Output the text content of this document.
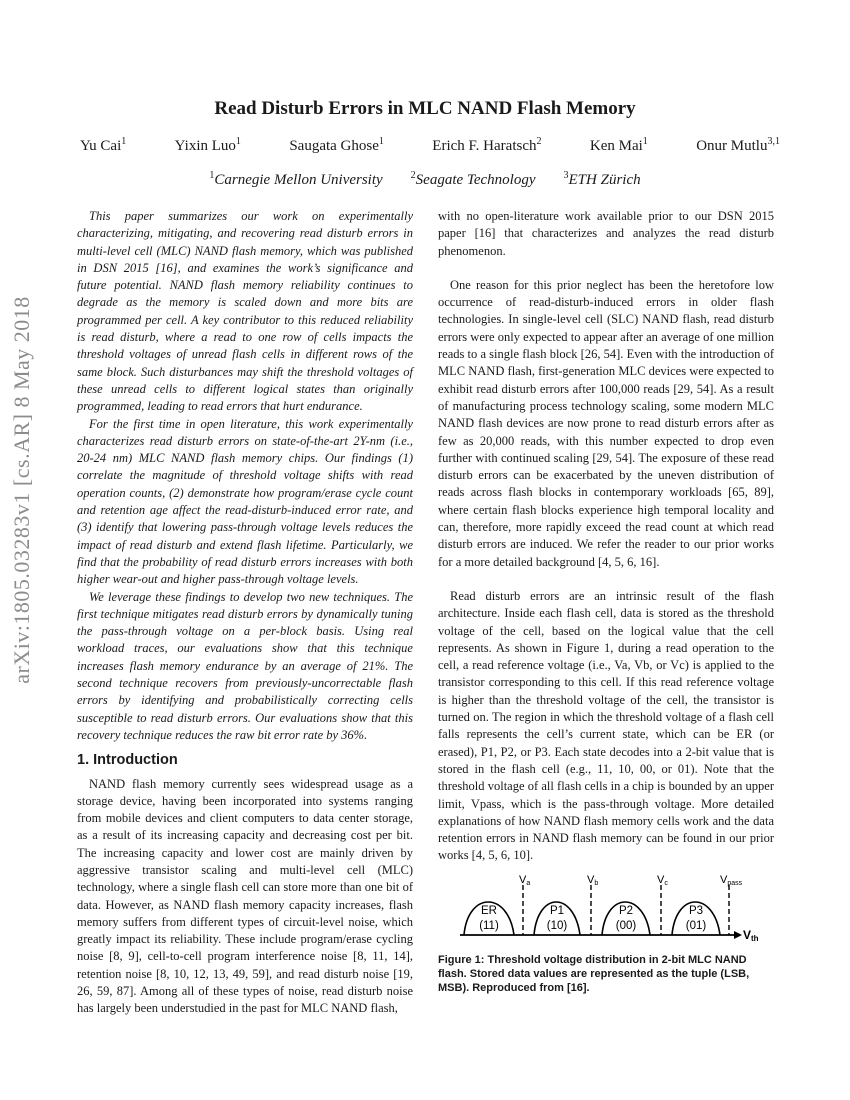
arXiv:1805.03283v1 [cs.AR] 8 May 2018
Read Disturb Errors in MLC NAND Flash Memory
Yu Cai$^1$	Yixin Luo$^1$	Saugata Ghose$^1$	Erich F. Haratsch$^2$	Ken Mai$^1$	Onur Mutlu$^{3,1}$
$^1$Carnegie Mellon University	$^2$Seagate Technology	$^3$ETH Zürich

This paper summarizes our work on experimentally characterizing, mitigating, and recovering read disturb errors in multi-level cell (MLC) NAND flash memory, which was published in DSN 2015 [16], and examines the work’s significance and future potential. NAND flash memory reliability continues to degrade as the memory is scaled down and more bits are programmed per cell. A key contributor to this reduced reliability is read disturb, where a read to one row of cells impacts the threshold voltages of unread flash cells in different rows of the same block. Such disturbances may shift the threshold voltages of these unread cells to different logical states than originally programmed, leading to read errors that hurt endurance.

For the first time in open literature, this work experimentally characterizes read disturb errors on state-of-the-art 2Y-nm (i.e., 20-24 nm) MLC NAND flash memory chips. Our findings (1) correlate the magnitude of threshold voltage shifts with read operation counts, (2) demonstrate how program/erase cycle count and retention age affect the read-disturb-induced error rate, and (3) identify that lowering pass-through voltage levels reduces the impact of read disturb and extend flash lifetime. Particularly, we find that the probability of read disturb errors increases with both higher wear-out and higher pass-through voltage levels.

We leverage these findings to develop two new techniques. The first technique mitigates read disturb errors by dynamically tuning the pass-through voltage on a per-block basis. Using real workload traces, our evaluations show that this technique increases flash memory endurance by an average of 21%. The second technique recovers from previously-uncorrectable flash errors by identifying and probabilistically correcting cells susceptible to read disturb errors. Our evaluations show that this recovery technique reduces the raw bit error rate by 36%.

1. Introduction

NAND flash memory currently sees widespread usage as a storage device, having been incorporated into systems ranging from mobile devices and client computers to data center storage, as a result of its increasing capacity and decreasing cost per bit. The increasing capacity and lower cost are mainly driven by aggressive transistor scaling and multi-level cell (MLC) technology, where a single flash cell can store more than one bit of data. However, as NAND flash memory capacity increases, flash memory suffers from different types of circuit-level noise, which greatly impact its reliability. These include program/erase cycling noise [8, 9], cell-to-cell program interference noise [8, 11, 14], retention noise [8, 10, 12, 13, 49, 59], and read disturb noise [19, 26, 59, 87]. Among all of these types of noise, read disturb noise has largely been understudied in the past for MLC NAND flash,

with no open-literature work available prior to our DSN 2015 paper [16] that characterizes and analyzes the read disturb phenomenon.

One reason for this prior neglect has been the heretofore low occurrence of read-disturb-induced errors in older flash technologies. In single-level cell (SLC) NAND flash, read disturb errors were only expected to appear after an average of one million reads to a single flash block [26, 54]. Even with the introduction of MLC NAND flash, first-generation MLC devices were expected to exhibit read disturb errors after 100,000 reads [29, 54]. As a result of manufacturing process technology scaling, some modern MLC NAND flash devices are now prone to read disturb errors after as few as 20,000 reads, with this number expected to drop even further with continued scaling [29, 54]. The exposure of these read disturb errors can be exacerbated by the uneven distribution of reads across flash blocks in contemporary workloads [65, 89], where certain flash blocks experience high temporal locality and can, therefore, more rapidly exceed the read count at which read disturb errors are induced. We refer the reader to our prior works for a more detailed background [4, 5, 6, 16].

Read disturb errors are an intrinsic result of the flash architecture. Inside each flash cell, data is stored as the threshold voltage of the cell, based on the logical value that the cell represents. As shown in Figure 1, during a read operation to the cell, a read reference voltage (i.e., Va, Vb, or Vc) is applied to the transistor corresponding to this cell. If this read reference voltage is higher than the threshold voltage of the cell, the transistor is turned on. The region in which the threshold voltage of a flash cell falls represents the cell’s current state, which can be ER (or erased), P1, P2, or P3. Each state decodes into a 2-bit value that is stored in the flash cell (e.g., 11, 10, 00, or 01). Note that the threshold voltage of all flash cells in a chip is bounded by an upper limit, Vpass, which is the pass-through voltage. More detailed explanations of how NAND flash memory cells work and the data retention errors in NAND flash memory can be found in our prior works [4, 5, 6, 10].

Va	Vb	Vc	Vpass
ER
(11)
P1
(10)
P2
(00)
P3
(01)
Vth
Figure 1: Threshold voltage distribution in 2-bit MLC NAND flash. Stored data values are represented as the tuple (LSB, MSB). Reproduced from [16].
